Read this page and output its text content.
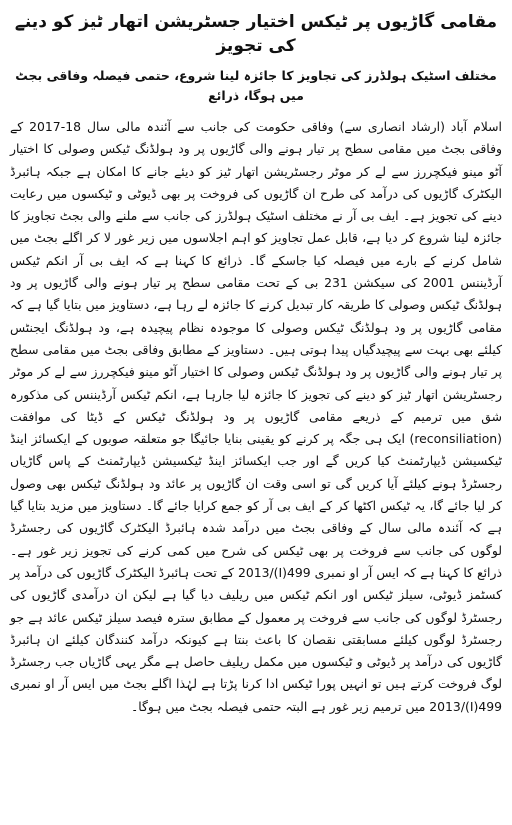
مقامی گاڑیوں پر ٹیکس اختیار جسٹریشن اتھار ٹیز کو دینے کی تجویز
مختلف اسٹیک ہولڈرز کی تجاویز کا جائزہ لینا شروع، حتمی فیصلہ وفاقی بجٹ میں ہوگا، ذرائع

اسلام آباد (ارشاد انصاری سے) وفاقی حکومت کی جانب سے آئندہ مالی سال 18-2017 کے وفاقی بجٹ میں مقامی سطح پر تیار ہونے والی گاڑیوں پر ود ہولڈنگ ٹیکس وصولی کا اختیار آٹو مینو فیکچررز سے لے کر موٹر رجسٹریشن اتھار ٹیز کو دیئے جانے کا امکان ہے جبکہ ہائبرڈ الیکٹرک گاڑیوں کی درآمد کی طرح ان گاڑیوں کی فروخت پر بھی ڈیوٹی و ٹیکسوں میں رعایت دینے کی تجویز ہے۔ ایف بی آر نے مختلف اسٹیک ہولڈرز کی جانب سے ملنے والی بجٹ تجاویز کا جائزہ لینا شروع کر دیا ہے، قابل عمل تجاویز کو اہم اجلاسوں میں زیر غور لا کر اگلے بجٹ میں شامل کرنے کے بارے میں فیصلہ کیا جاسکے گا۔ ذرائع کا کہنا ہے کہ ایف بی آر انکم ٹیکس آرڈیننس 2001 کی سیکشن 231 بی کے تحت مقامی سطح پر تیار ہونے والی گاڑیوں پر ود ہولڈنگ ٹیکس وصولی کا طریقہ کار تبدیل کرنے کا جائزہ لے رہا ہے، دستاویز میں بتایا گیا ہے کہ مقامی گاڑیوں پر ود ہولڈنگ ٹیکس وصولی کا موجودہ نظام پیچیدہ ہے، ود ہولڈنگ ایجنٹس کیلئے بھی بہت سے پیچیدگیاں پیدا ہوتی ہیں۔ دستاویز کے مطابق وفاقی بجٹ میں مقامی سطح پر تیار ہونے والی گاڑیوں پر ود ہولڈنگ ٹیکس وصولی کا اختیار آٹو مینو فیکچررز سے لے کر موٹر رجسٹریشن اتھار ٹیز کو دینے کی تجویز کا جائزہ لیا جارہا ہے، انکم ٹیکس آرڈیننس کی مذکورہ شق میں ترمیم کے ذریعے مقامی گاڑیوں پر ود ہولڈنگ ٹیکس کے ڈیٹا کی موافقت (reconsiliation) ایک ہی جگہ پر کرنے کو یقینی بنایا جائیگا جو متعلقہ صوبوں کے ایکسائز اینڈ ٹیکسیشن ڈیپارٹمنٹ کیا کریں گے اور جب ایکسائز اینڈ ٹیکسیشن ڈیپارٹمنٹ کے پاس گاڑیاں رجسٹرڈ ہونے کیلئے آیا کریں گی تو اسی وقت ان گاڑیوں پر عائد ود ہولڈنگ ٹیکس بھی وصول کر لیا جائے گا، یہ ٹیکس اکٹھا کر کے ایف بی آر کو جمع کرایا جائے گا۔ دستاویز میں مزید بتایا گیا ہے کہ آئندہ مالی سال کے وفاقی بجٹ میں درآمد شدہ ہائبرڈ الیکٹرک گاڑیوں کی رجسٹرڈ لوگوں کی جانب سے فروخت پر بھی ٹیکس کی شرح میں کمی کرنے کی تجویز زیر غور ہے۔ ذرائع کا کہنا ہے کہ ایس آر او نمبری 499(I)/2013 کے تحت ہائبرڈ الیکٹرک گاڑیوں کی درآمد پر کسٹمز ڈیوٹی، سیلز ٹیکس اور انکم ٹیکس میں ریلیف دیا گیا ہے لیکن ان درآمدی گاڑیوں کی رجسٹرڈ لوگوں کی جانب سے فروخت پر معمول کے مطابق سترہ فیصد سیلز ٹیکس عائد ہے جو رجسٹرڈ لوگوں کیلئے مسابقتی نقصان کا باعث بنتا ہے کیونکہ درآمد کنندگان کیلئے ان ہائبرڈ گاڑیوں کی درآمد پر ڈیوٹی و ٹیکسوں میں مکمل ریلیف حاصل ہے مگر یہی گاڑیاں جب رجسٹرڈ لوگ فروخت کرتے ہیں تو انہیں پورا ٹیکس ادا کرنا پڑتا ہے لہٰذا اگلے بجٹ میں ایس آر او نمبری 499(I)/2013 میں ترمیم زیر غور ہے البتہ حتمی فیصلہ بجٹ میں ہوگا۔
